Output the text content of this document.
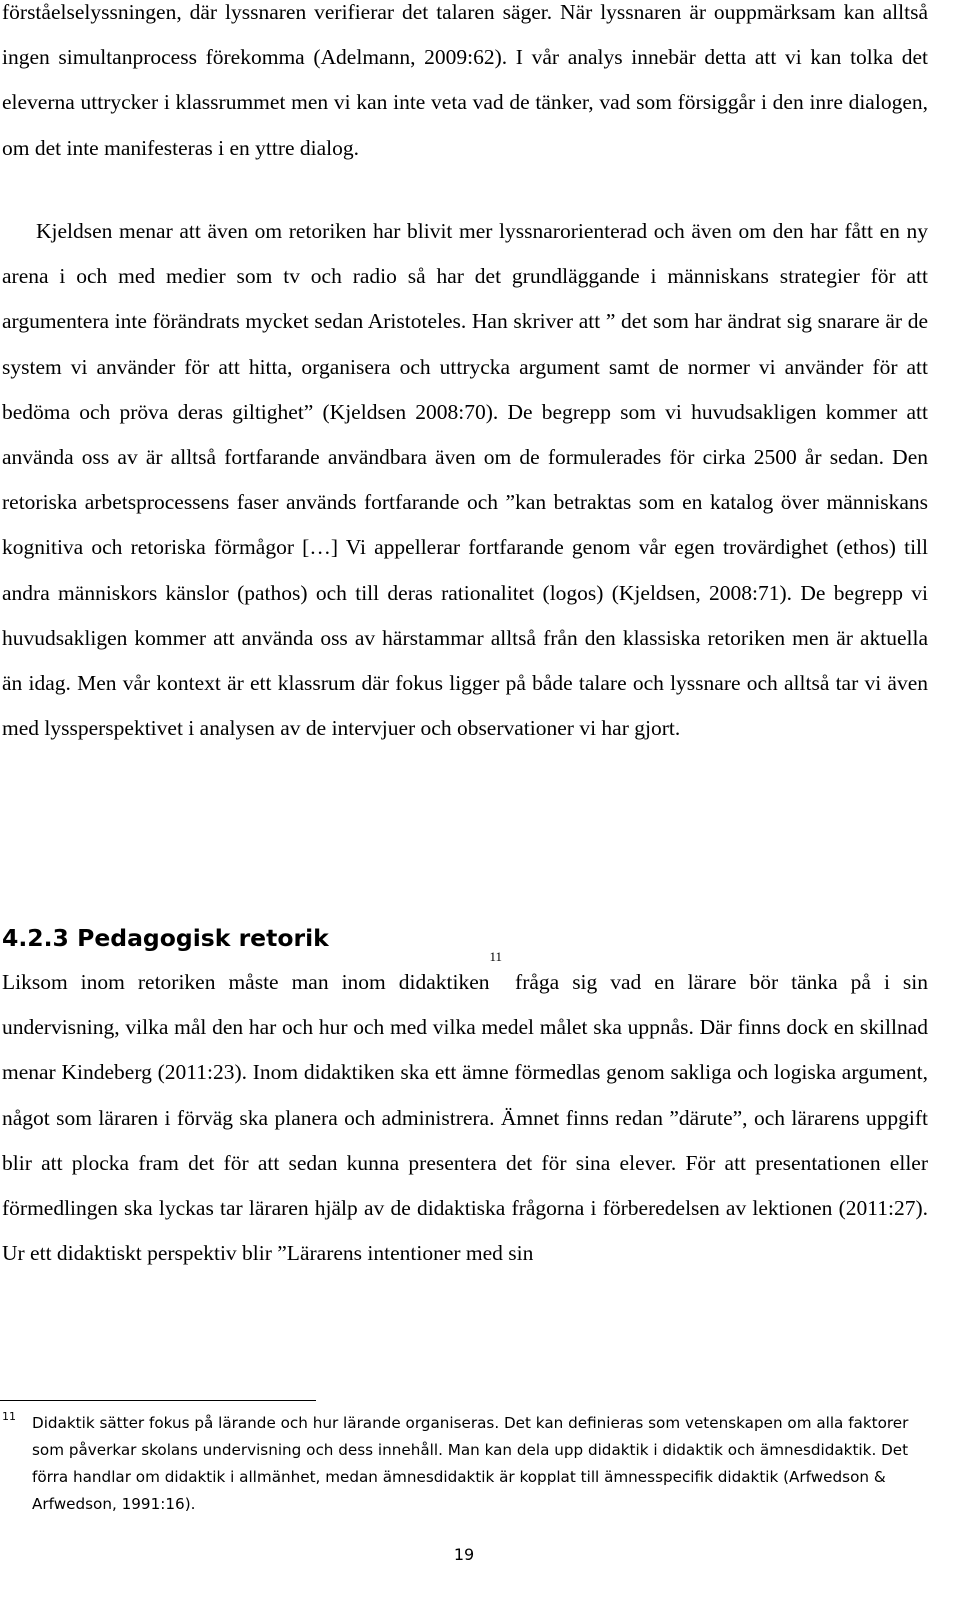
förståelselyssningen, där lyssnaren verifierar det talaren säger. När lyssnaren är ouppmärksam kan alltså ingen simultanprocess förekomma (Adelmann, 2009:62). I vår analys innebär detta att vi kan tolka det eleverna uttrycker i klassrummet men vi kan inte veta vad de tänker, vad som försiggår i den inre dialogen, om det inte manifesteras i en yttre dialog.

Kjeldsen menar att även om retoriken har blivit mer lyssnarorienterad och även om den har fått en ny arena i och med medier som tv och radio så har det grundläggande i människans strategier för att argumentera inte förändrats mycket sedan Aristoteles. Han skriver att ” det som har ändrat sig snarare är de system vi använder för att hitta, organisera och uttrycka argument samt de normer vi använder för att bedöma och pröva deras giltighet” (Kjeldsen 2008:70). De begrepp som vi huvudsakligen kommer att använda oss av är alltså fortfarande användbara även om de formulerades för cirka 2500 år sedan. Den retoriska arbetsprocessens faser används fortfarande och ”kan betraktas som en katalog över människans kognitiva och retoriska förmågor […] Vi appellerar fortfarande genom vår egen trovärdighet (ethos) till andra människors känslor (pathos) och till deras rationalitet (logos) (Kjeldsen, 2008:71). De begrepp vi huvudsakligen kommer att använda oss av härstammar alltså från den klassiska retoriken men är aktuella än idag. Men vår kontext är ett klassrum där fokus ligger på både talare och lyssnare och alltså tar vi även med lyssperspektivet i analysen av de intervjuer och observationer vi har gjort.

4.2.3 Pedagogisk retorik

Liksom inom retoriken måste man inom didaktiken$^{11}$ fråga sig vad en lärare bör tänka på i sin undervisning, vilka mål den har och hur och med vilka medel målet ska uppnås. Där finns dock en skillnad menar Kindeberg (2011:23). Inom didaktiken ska ett ämne förmedlas genom sakliga och logiska argument, något som läraren i förväg ska planera och administrera. Ämnet finns redan ”därute”, och lärarens uppgift blir att plocka fram det för att sedan kunna presentera det för sina elever. För att presentationen eller förmedlingen ska lyckas tar läraren hjälp av de didaktiska frågorna i förberedelsen av lektionen (2011:27). Ur ett didaktiskt perspektiv blir ”Lärarens intentioner med sin

11 Didaktik sätter fokus på lärande och hur lärande organiseras. Det kan definieras som vetenskapen om alla faktorer som påverkar skolans undervisning och dess innehåll. Man kan dela upp didaktik i didaktik och ämnesdidaktik. Det förra handlar om didaktik i allmänhet, medan ämnesdidaktik är kopplat till ämnesspecifik didaktik (Arfwedson & Arfwedson, 1991:16).
19
